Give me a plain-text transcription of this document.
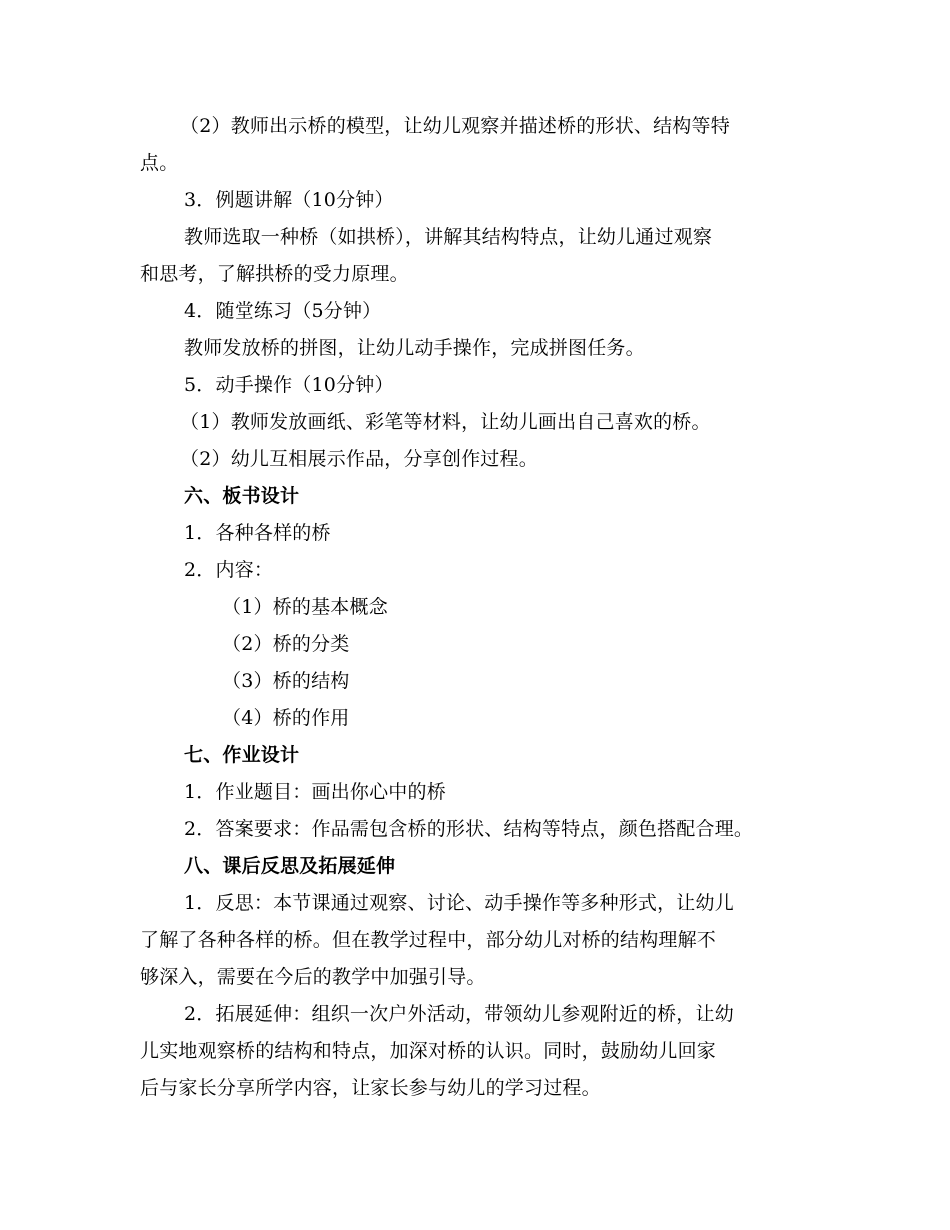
（2）教师出示桥的模型，让幼儿观察并描述桥的形状、结构等特
点。
3．例题讲解（10分钟）
教师选取一种桥（如拱桥），讲解其结构特点，让幼儿通过观察
和思考，了解拱桥的受力原理。
4．随堂练习（5分钟）
教师发放桥的拼图，让幼儿动手操作，完成拼图任务。
5．动手操作（10分钟）
（1）教师发放画纸、彩笔等材料，让幼儿画出自己喜欢的桥。
（2）幼儿互相展示作品，分享创作过程。
六、板书设计
1．各种各样的桥
2．内容：
（1）桥的基本概念
（2）桥的分类
（3）桥的结构
（4）桥的作用
七、作业设计
1．作业题目：画出你心中的桥
2．答案要求：作品需包含桥的形状、结构等特点，颜色搭配合理。
八、课后反思及拓展延伸
1．反思：本节课通过观察、讨论、动手操作等多种形式，让幼儿
了解了各种各样的桥。但在教学过程中，部分幼儿对桥的结构理解不
够深入，需要在今后的教学中加强引导。
2．拓展延伸：组织一次户外活动，带领幼儿参观附近的桥，让幼
儿实地观察桥的结构和特点，加深对桥的认识。同时，鼓励幼儿回家
后与家长分享所学内容，让家长参与幼儿的学习过程。
